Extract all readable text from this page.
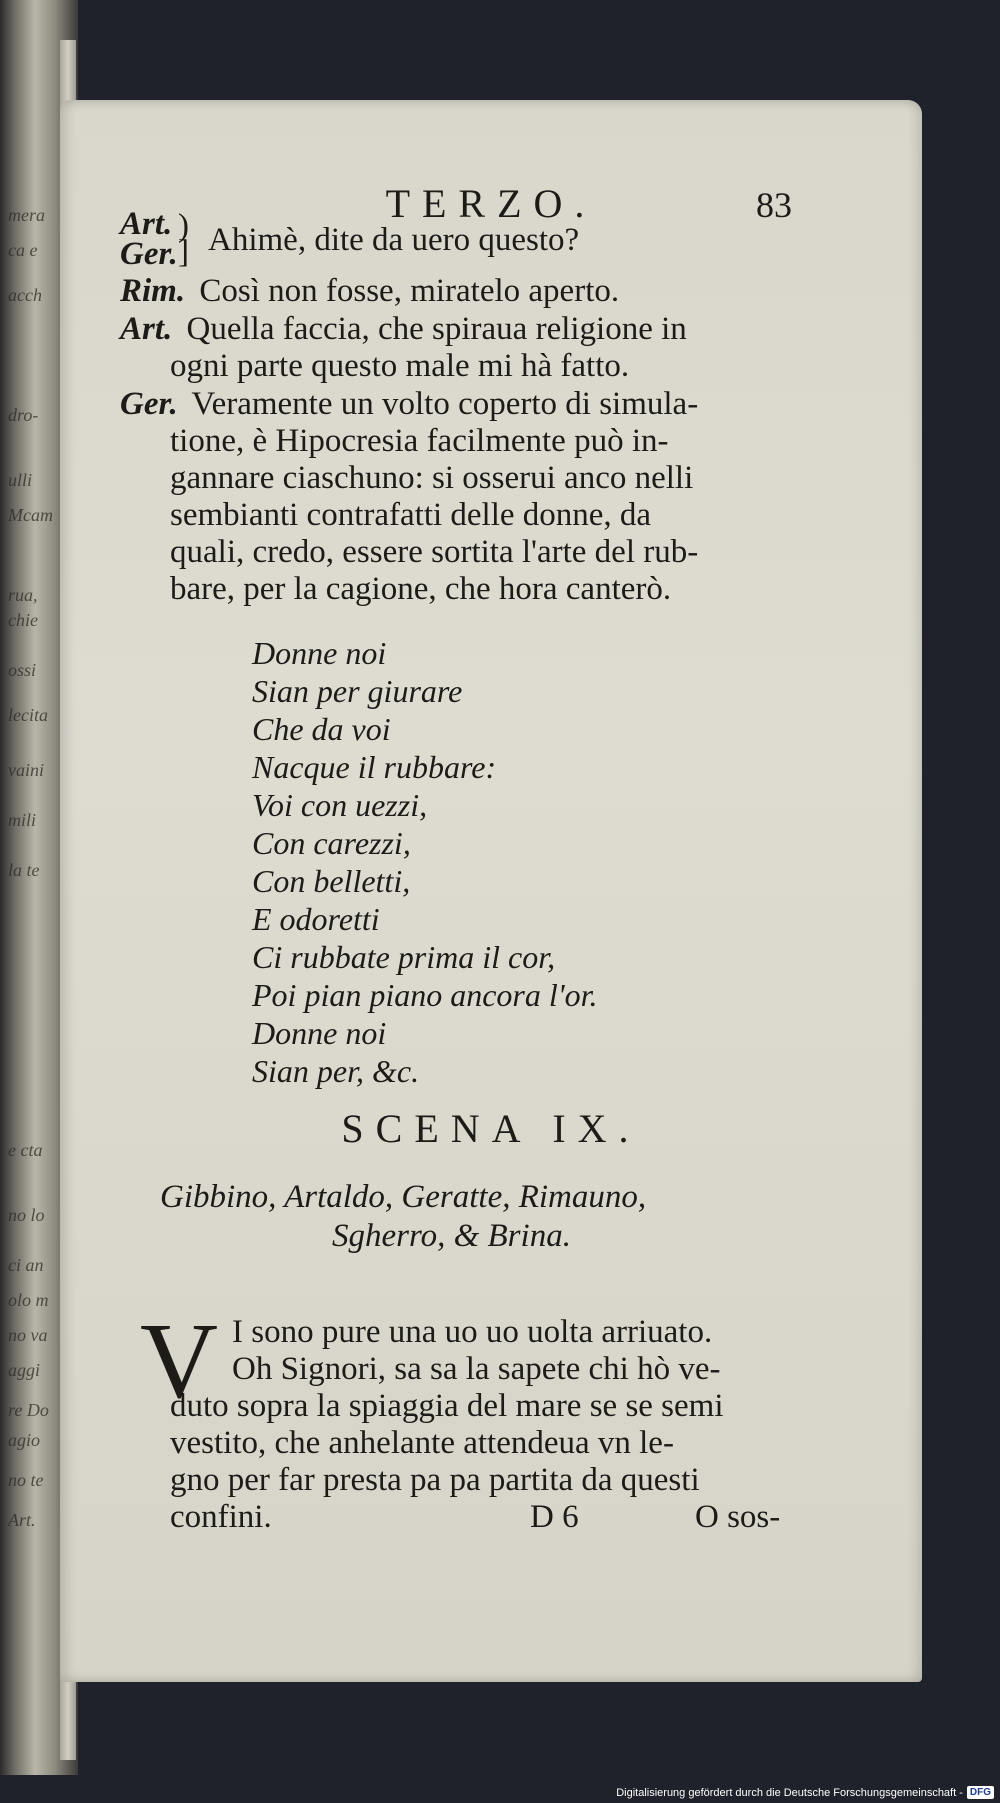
mera
ca e
acch
dro-
ulli
Mcam
rua,
chie
ossi
lecita
vaini
mili
la te
e cta
no lo
ci an
olo m
no va
aggi
re Do
agio
no te
Art.
TERZO.	83
)
]
Art.
Ger. Ahimè, dite da uero questo?
Rim. Così non fosse, miratelo aperto.
Art. Quella faccia, che spiraua religione in
ogni parte questo male mi hà fatto.
Ger. Veramente un volto coperto di simula-
tione, è Hipocresia facilmente può in-
gannare ciaschuno: si osserui anco nelli
sembianti contrafatti delle donne, da
quali, credo, essere sortita l'arte del rub-
bare, per la cagione, che hora canterò.
Donne noi
Sian per giurare
Che da voi
Nacque il rubbare:
Voi con uezzi,
Con carezzi,
Con belletti,
E odoretti
Ci rubbate prima il cor,
Poi pian piano ancora l'or.
Donne noi
Sian per, &c.
SCENA IX.
Gibbino, Artaldo, Geratte, Rimauno,
Sgherro, & Brina.
V I sono pure una uo uo uolta arriuato.
Oh Signori, sa sa la sapete chi hò ve-
duto sopra la spiaggia del mare se se semi
vestito, che anhelante attendeua vn le-
gno per far presta pa pa partita da questi
confini.	D 6	O sos-
Digitalisierung gefördert durch die Deutsche Forschungsgemeinschaft - DFG
